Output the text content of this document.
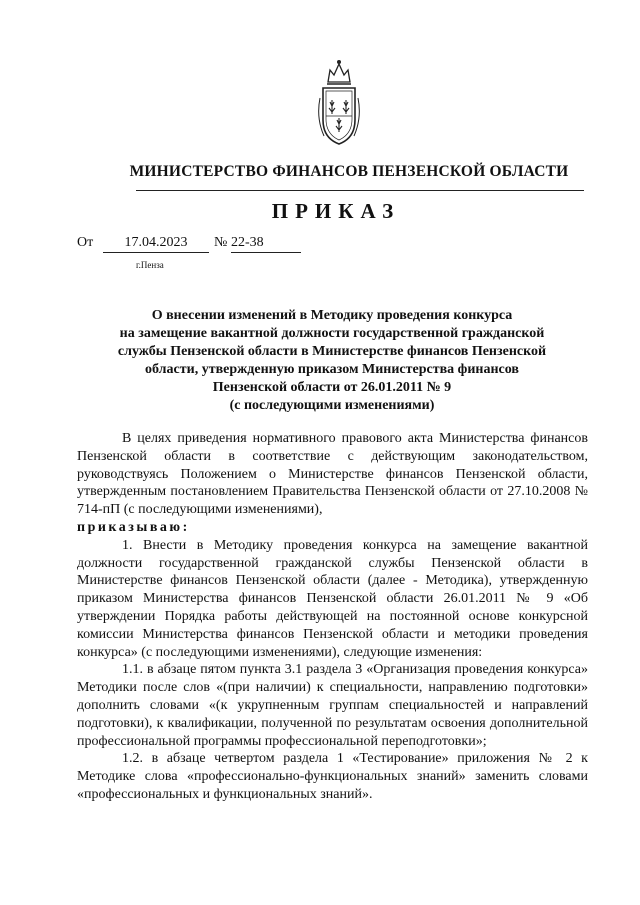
МИНИСТЕРСТВО ФИНАНСОВ ПЕНЗЕНСКОЙ ОБЛАСТИ
ПРИКАЗ
От	17.04.2023	№ 22-38
г.Пенза
О внесении изменений в Методику проведения конкурса
на замещение вакантной должности государственной гражданской
службы Пензенской области в Министерстве финансов Пензенской
области, утвержденную приказом Министерства финансов
Пензенской области от 26.01.2011 № 9
(с последующими изменениями)

В целях приведения нормативного правового акта Министерства финансов Пензенской области в соответствие с действующим законодательством, руководствуясь Положением о Министерстве финансов Пензенской области, утвержденным постановлением Правительства Пензенской области от 27.10.2008 № 714-пП (с последующими изменениями),

приказываю:

1. Внести в Методику проведения конкурса на замещение вакантной должности государственной гражданской службы Пензенской области в Министерстве финансов Пензенской области (далее - Методика), утвержденную приказом Министерства финансов Пензенской области 26.01.2011 № 9 «Об утверждении Порядка работы действующей на постоянной основе конкурсной комиссии Министерства финансов Пензенской области и методики проведения конкурса» (с последующими изменениями), следующие изменения:

1.1. в абзаце пятом пункта 3.1 раздела 3 «Организация проведения конкурса» Методики после слов «(при наличии) к специальности, направлению подготовки» дополнить словами «(к укрупненным группам специальностей и направлений подготовки), к квалификации, полученной по результатам освоения дополнительной профессиональной программы профессиональной переподготовки»;

1.2. в абзаце четвертом раздела 1 «Тестирование» приложения № 2 к Методике слова «профессионально-функциональных знаний» заменить словами «профессиональных и функциональных знаний».
